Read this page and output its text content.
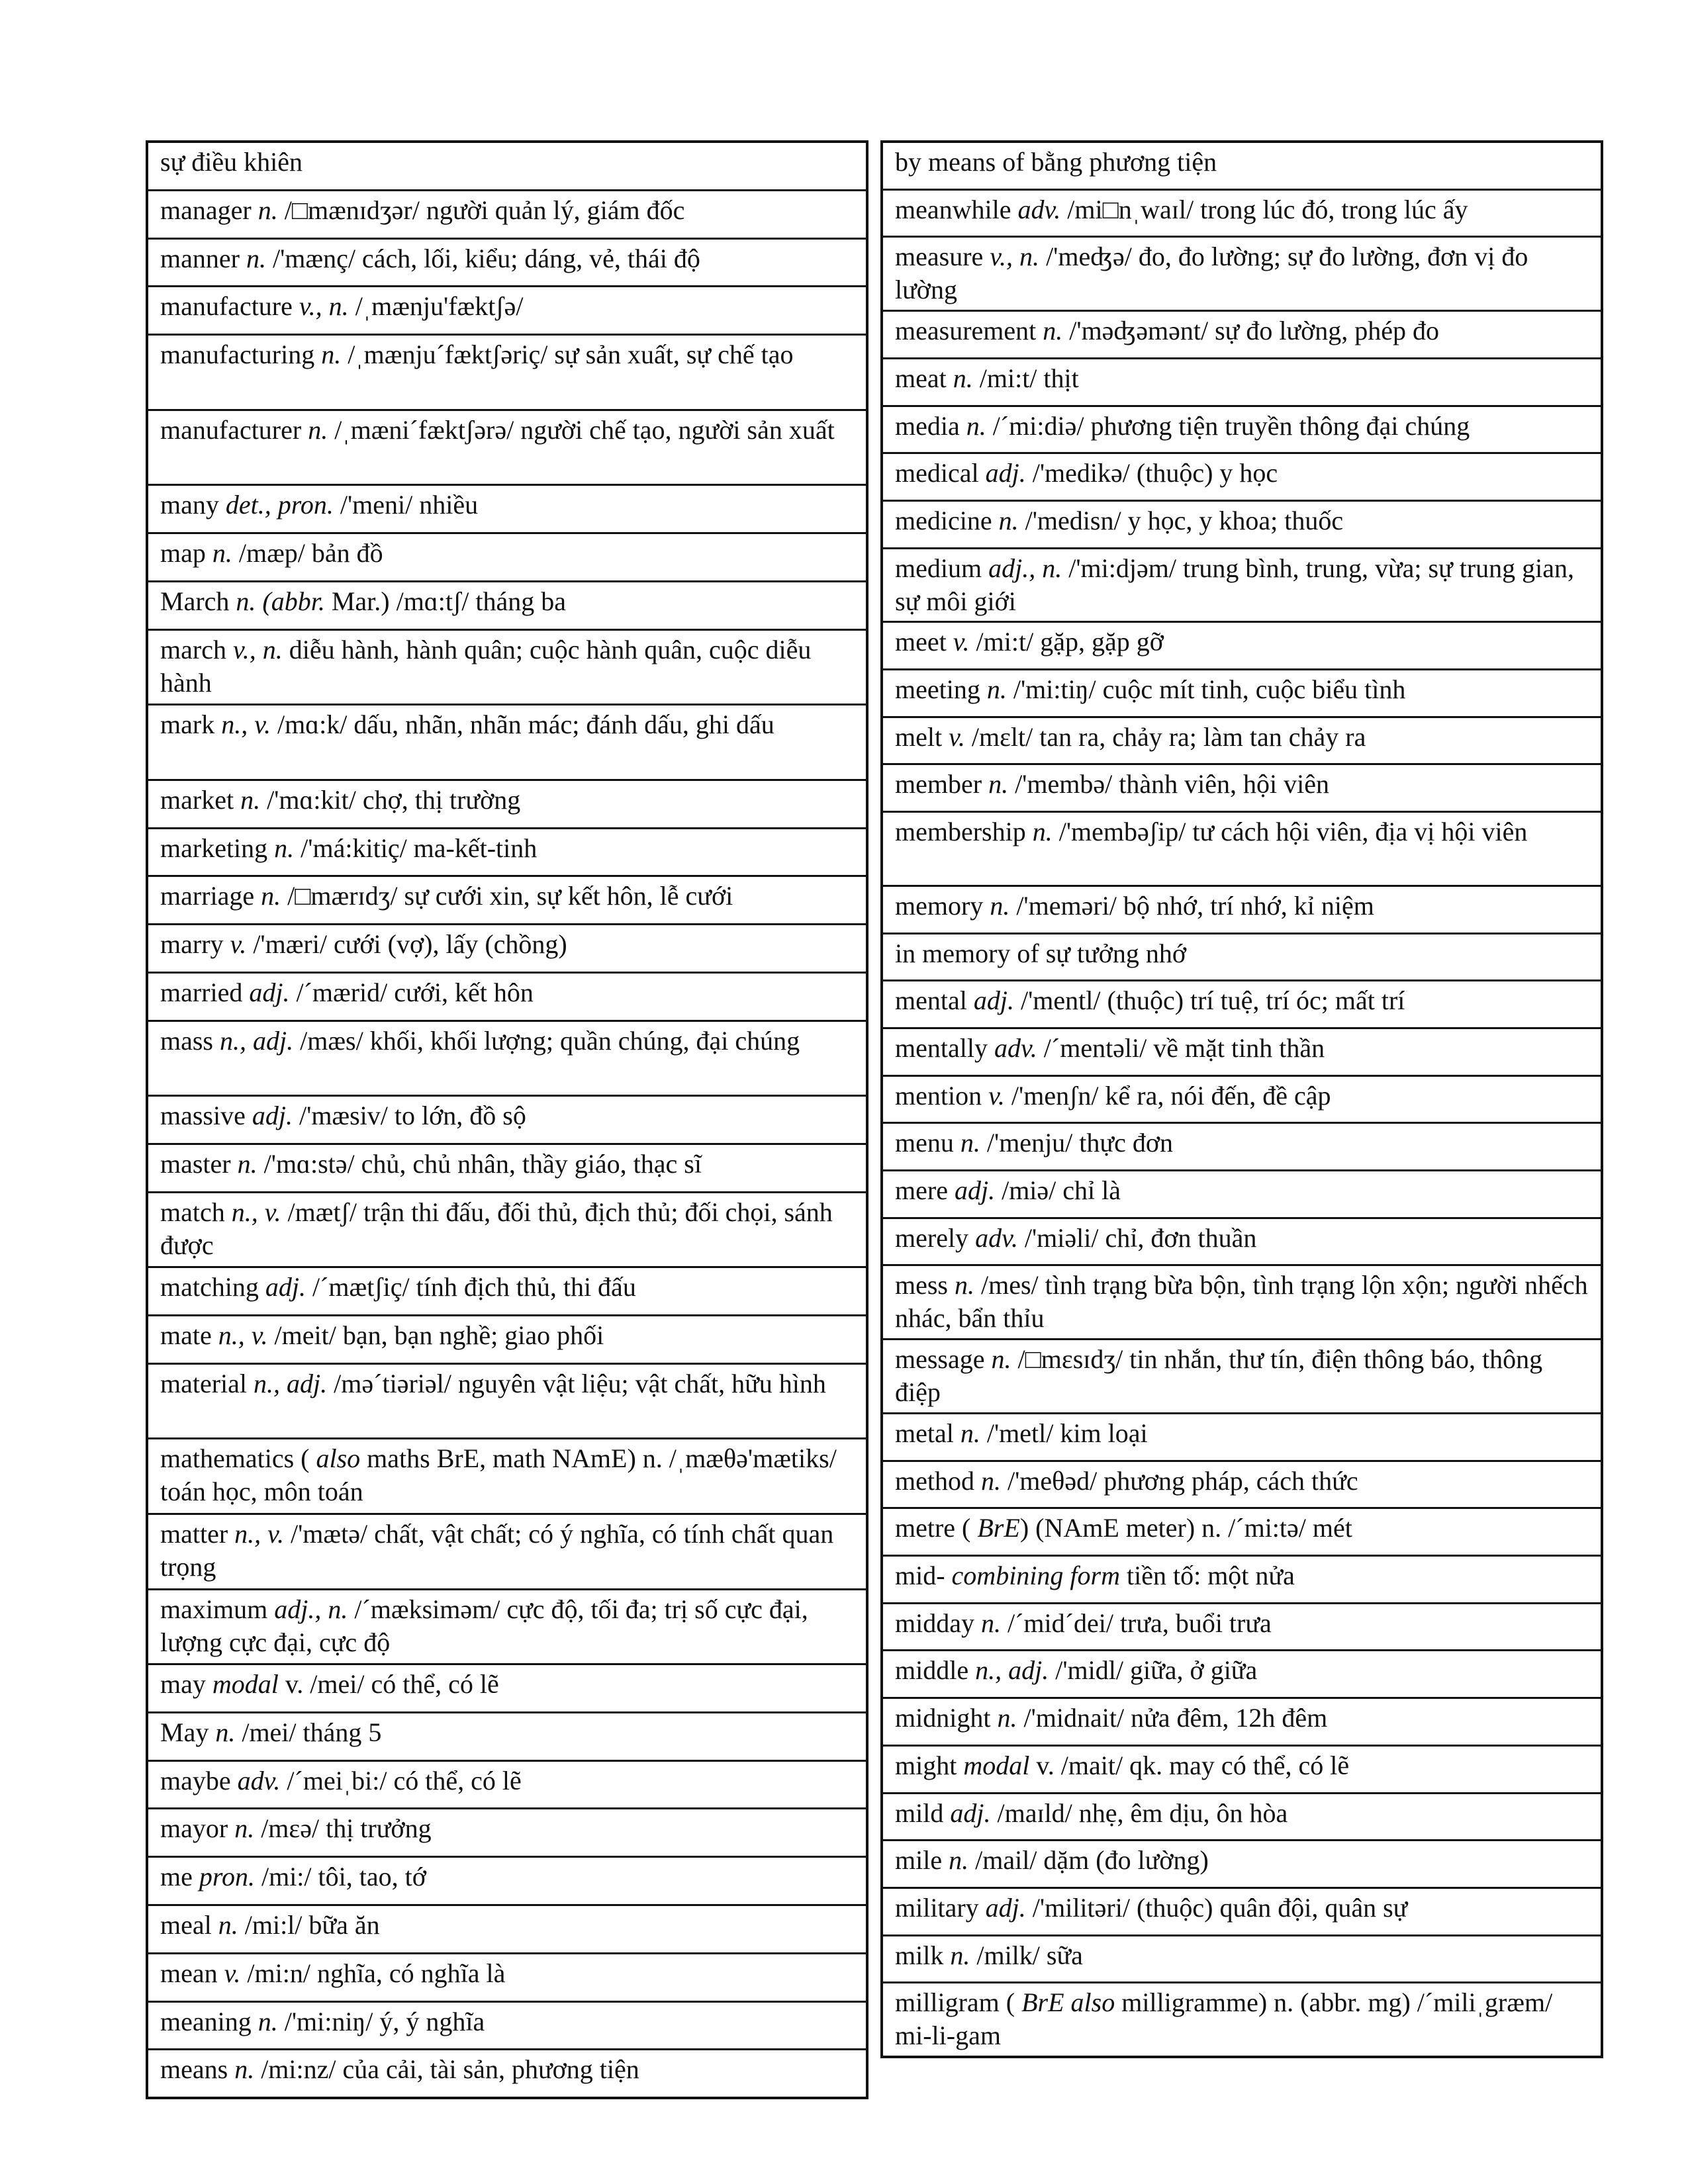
sự điều khiên
manager n. /□mænɪdʒər/ người quản lý, giám đốc
manner n. /'mænç/ cách, lối, kiểu; dáng, vẻ, thái độ
manufacture v., n. /ˌmænju'fæktʃə/
manufacturing n. /ˌmænju´fæktʃəriç/ sự sản xuất, sự chế tạo
manufacturer n. /ˌmæni´fæktʃərə/ người chế tạo, người sản xuất
many det., pron. /'meni/ nhiều
map n. /mæp/ bản đồ
March n. (abbr. Mar.) /mɑ:tʃ/ tháng ba
march v., n. diễu hành, hành quân; cuộc hành quân, cuộc diễu hành
mark n., v. /mɑ:k/ dấu, nhãn, nhãn mác; đánh dấu, ghi dấu
market n. /'mɑ:kit/ chợ, thị trường
marketing n. /'má:kitiç/ ma-kết-tinh
marriage n. /□mærɪdʒ/ sự cưới xin, sự kết hôn, lễ cưới
marry v. /'mæri/ cưới (vợ), lấy (chồng)
married adj. /´mærid/ cưới, kết hôn
mass n., adj. /mæs/ khối, khối lượng; quần chúng, đại chúng
massive adj. /'mæsiv/ to lớn, đồ sộ
master n. /'mɑ:stə/ chủ, chủ nhân, thầy giáo, thạc sĩ
match n., v. /mætʃ/ trận thi đấu, đối thủ, địch thủ; đối chọi, sánh được
matching adj. /´mætʃiç/ tính địch thủ, thi đấu
mate n., v. /meit/ bạn, bạn nghề; giao phối
material n., adj. /mə´tiəriəl/ nguyên vật liệu; vật chất, hữu hình
mathematics ( also maths BrE, math NAmE) n. /ˌmæθə'mætiks/ toán học, môn toán
matter n., v. /'mætə/ chất, vật chất; có ý nghĩa, có tính chất quan trọng
maximum adj., n. /´mæksiməm/ cực độ, tối đa; trị số cực đại, lượng cực đại, cực độ
may modal v. /mei/ có thể, có lẽ
May n. /mei/ tháng 5
maybe adv. /´meiˌbi:/ có thể, có lẽ
mayor n. /mɛə/ thị trưởng
me pron. /mi:/ tôi, tao, tớ
meal n. /mi:l/ bữa ăn
mean v. /mi:n/ nghĩa, có nghĩa là
meaning n. /'mi:niŋ/ ý, ý nghĩa
means n. /mi:nz/ của cải, tài sản, phương tiện
by means of bằng phương tiện
meanwhile adv. /mi□nˌwaɪl/ trong lúc đó, trong lúc ấy
measure v., n. /'meʤə/ đo, đo lường; sự đo lường, đơn vị đo lường
measurement n. /'məʤəmənt/ sự đo lường, phép đo
meat n. /mi:t/ thịt
media n. /´mi:diə/ phương tiện truyền thông đại chúng
medical adj. /'medikə/ (thuộc) y học
medicine n. /'medisn/ y học, y khoa; thuốc
medium adj., n. /'mi:djəm/ trung bình, trung, vừa; sự trung gian, sự môi giới
meet v. /mi:t/ gặp, gặp gỡ
meeting n. /'mi:tiŋ/ cuộc mít tinh, cuộc biểu tình
melt v. /mɛlt/ tan ra, chảy ra; làm tan chảy ra
member n. /'membə/ thành viên, hội viên
membership n. /'membəʃip/ tư cách hội viên, địa vị hội viên
memory n. /'meməri/ bộ nhớ, trí nhớ, kỉ niệm
in memory of sự tưởng nhớ
mental adj. /'mentl/ (thuộc) trí tuệ, trí óc; mất trí
mentally adv. /´mentəli/ về mặt tinh thần
mention v. /'menʃn/ kể ra, nói đến, đề cập
menu n. /'menju/ thực đơn
mere adj. /miə/ chỉ là
merely adv. /'miəli/ chỉ, đơn thuần
mess n. /mes/ tình trạng bừa bộn, tình trạng lộn xộn; người nhếch nhác, bẩn thỉu
message n. /□mɛsɪdʒ/ tin nhắn, thư tín, điện thông báo, thông điệp
metal n. /'metl/ kim loại
method n. /'meθəd/ phương pháp, cách thức
metre ( BrE) (NAmE meter) n. /´mi:tə/ mét
mid- combining form tiền tố: một nửa
midday n. /´mid´dei/ trưa, buổi trưa
middle n., adj. /'midl/ giữa, ở giữa
midnight n. /'midnait/ nửa đêm, 12h đêm
might modal v. /mait/ qk. may có thể, có lẽ
mild adj. /maɪld/ nhẹ, êm dịu, ôn hòa
mile n. /mail/ dặm (đo lường)
military adj. /'militəri/ (thuộc) quân đội, quân sự
milk n. /milk/ sữa
milligram ( BrE also milligramme) n. (abbr. mg) /´miliˌgræm/ mi-li-gam
